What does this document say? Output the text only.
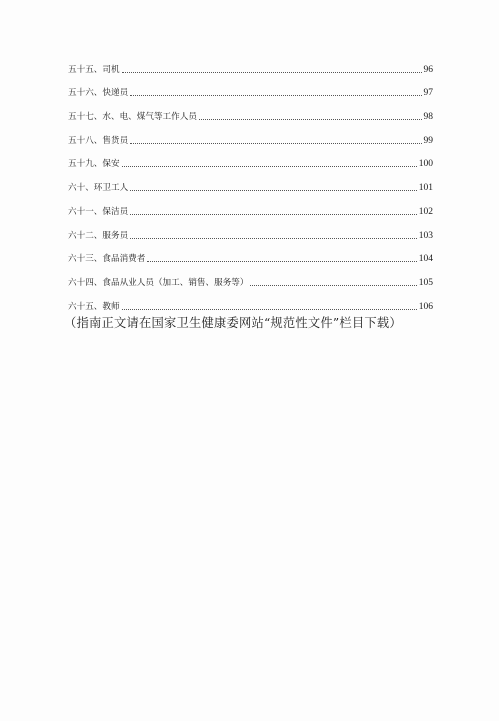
五十五、司机	96
五十六、快递员	97
五十七、水、电、煤气等工作人员	98
五十八、售货员	99
五十九、保安	100
六十、环卫工人	101
六十一、保洁员	102
六十二、服务员	103
六十三、食品消费者	104
六十四、食品从业人员（加工、销售、服务等）	105
六十五、教师	106
（指南正文请在国家卫生健康委网站“规范性文件”栏目下载）
